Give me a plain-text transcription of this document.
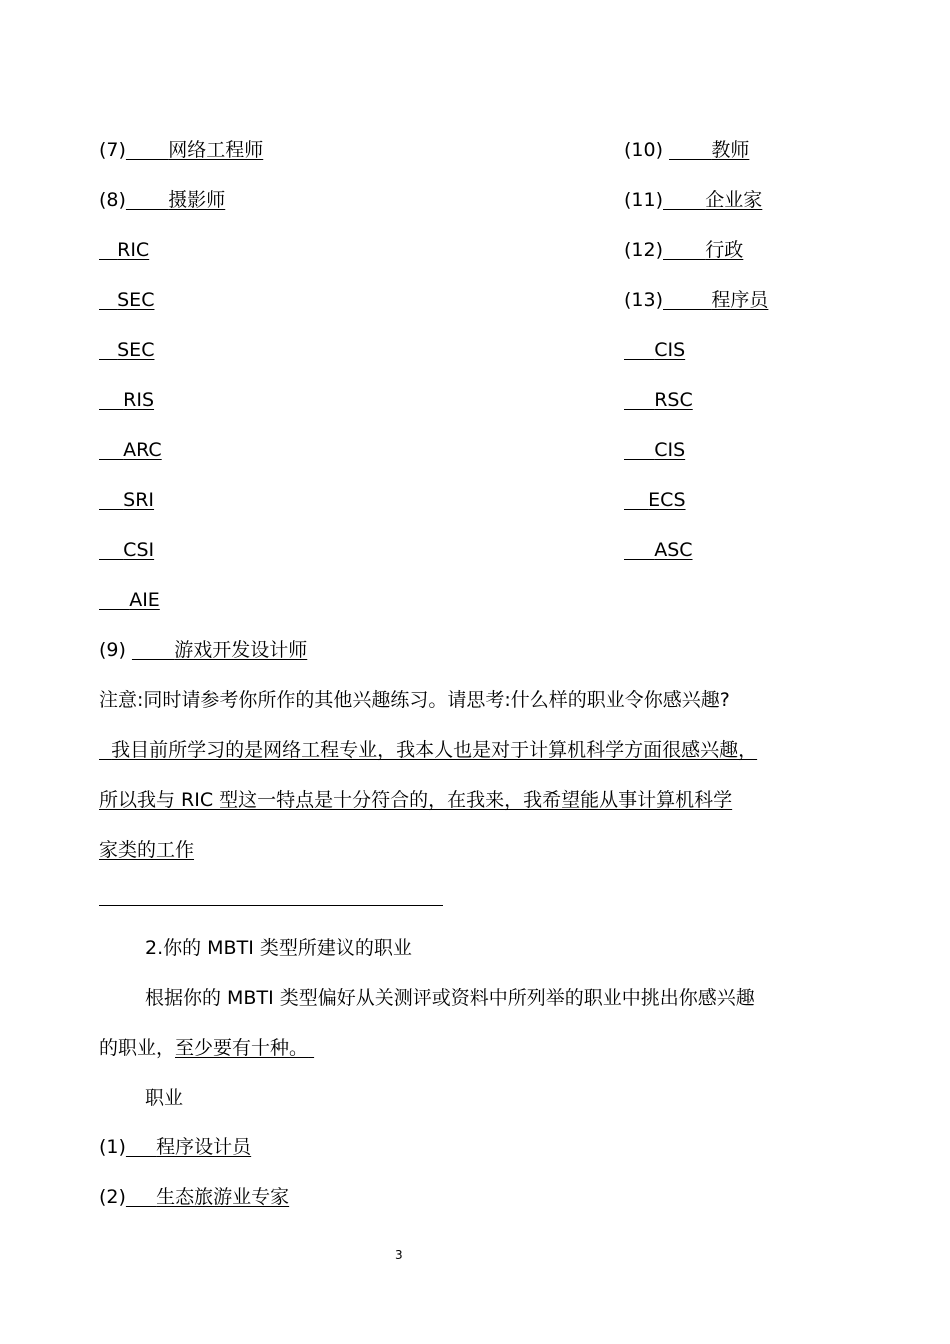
(7) 网络工程师
(8) 摄影师
RIC
SEC
SEC
RIS
ARC
SRI
CSI
AIE
(9)        游戏开发设计师
(10)        教师
(11) 企业家
(12) 行政
(13)	程序员
CIS
RSC
CIS
ECS
ASC
注意:同时请参考你所作的其他兴趣练习。请思考:什么样的职业令你感兴趣?
我目前所学习的是网络工程专业，我本人也是对于计算机科学方面很感兴趣，
所以我与 RIC 型这一特点是十分符合的，在我来，我希望能从事计算机科学
家类的工作
2.你的 MBTI 类型所建议的职业
根据你的 MBTI 类型偏好从关测评或资料中所列举的职业中挑出你感兴趣
的职业，至少要有十种。
职业
(1) 程序设计员
(2) 生态旅游业专家
3
